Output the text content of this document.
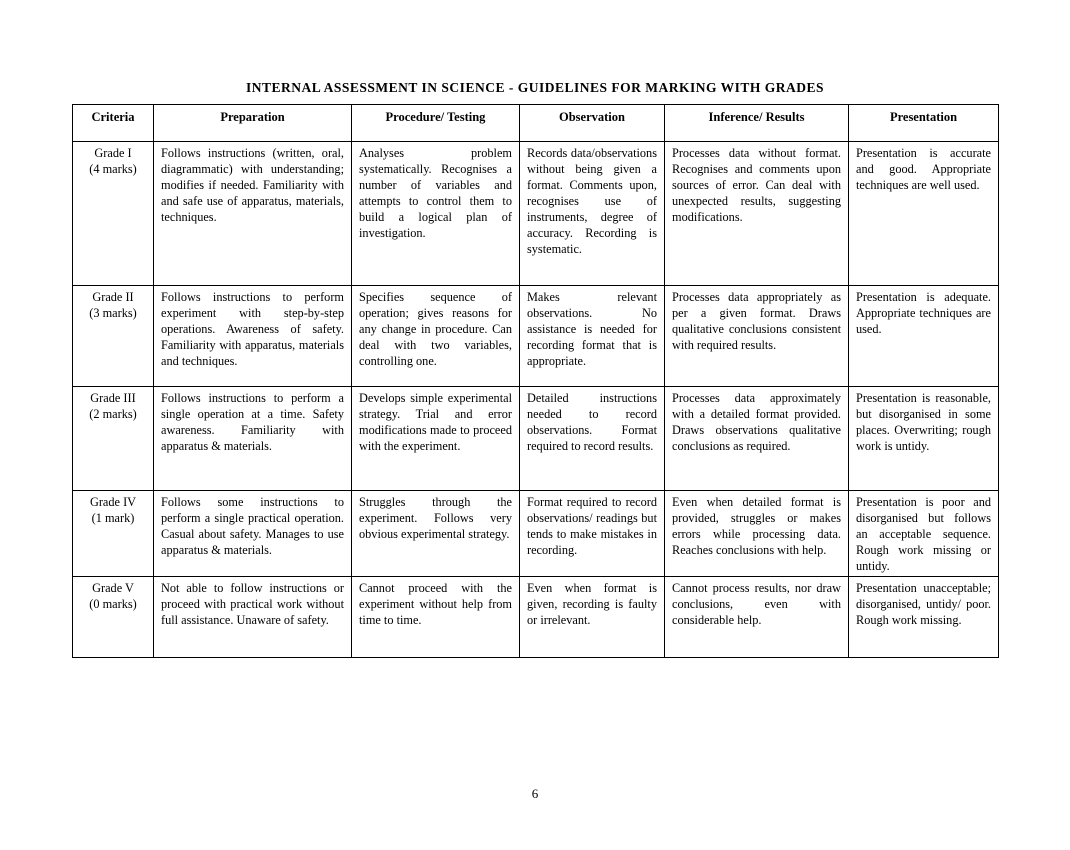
INTERNAL ASSESSMENT IN SCIENCE - GUIDELINES FOR MARKING WITH GRADES
Criteria	Preparation	Procedure/ Testing	Observation	Inference/ Results	Presentation

Grade I
(4 marks)	Follows instructions (written, oral, diagrammatic) with understanding; modifies if needed. Familiarity with and safe use of apparatus, materials, techniques.	Analyses problem systematically. Recognises a number of variables and attempts to control them to build a logical plan of investigation.	Records data/observations without being given a format. Comments upon, recognises use of instruments, degree of accuracy. Recording is systematic.	Processes data without format. Recognises and comments upon sources of error. Can deal with unexpected results, suggesting modifications.	Presentation is accurate and good. Appropriate techniques are well used.

Grade II
(3 marks)	Follows instructions to perform experiment with step-by-step operations. Awareness of safety. Familiarity with apparatus, materials and techniques.	Specifies sequence of operation; gives reasons for any change in procedure. Can deal with two variables, controlling one.	Makes relevant observations. No assistance is needed for recording format that is appropriate.	Processes data appropriately as per a given format. Draws qualitative conclusions consistent with required results.	Presentation is adequate. Appropriate techniques are used.

Grade III
(2 marks)	Follows instructions to perform a single operation at a time. Safety awareness. Familiarity with apparatus & materials.	Develops simple experimental strategy. Trial and error modifications made to proceed with the experiment.	Detailed instructions needed to record observations. Format required to record results.	Processes data approximately with a detailed format provided. Draws observations qualitative conclusions as required.	Presentation is reasonable, but disorganised in some places. Overwriting; rough work is untidy.

Grade IV
(1 mark)	Follows some instructions to perform a single practical operation. Casual about safety. Manages to use apparatus & materials.	Struggles through the experiment. Follows very obvious experimental strategy.	Format required to record observations/ readings but tends to make mistakes in recording.	Even when detailed format is provided, struggles or makes errors while processing data. Reaches conclusions with help.	Presentation is poor and disorganised but follows an acceptable sequence. Rough work missing or untidy.

Grade V
(0 marks)	Not able to follow instructions or proceed with practical work without full assistance. Unaware of safety.	Cannot proceed with the experiment without help from time to time.	Even when format is given, recording is faulty or irrelevant.	Cannot process results, nor draw conclusions, even with considerable help.	Presentation unacceptable; disorganised, untidy/ poor. Rough work missing.
6
